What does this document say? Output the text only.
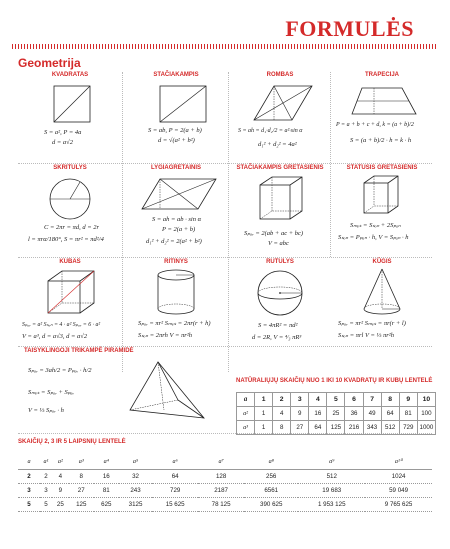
FORMULĖS
Geometrija
KVADRATAS
S = a², P = 4a
d = a√2
STAČIAKAMPIS
S = ab, P = 2(a + b)
d = √(a² + b²)
ROMBAS
S = ah = d₁·d₂/2 = a²·sin α
d₁² + d₂² = 4a²
TRAPECIJA
P = a + b + c + d, k = (a + b)/2
S = (a + b)/2 · h = k · h
SKRITULYS
C = 2πr = πd, d = 2r
l = πrα/180°, S = πr² = πd²/4
LYGIAGRETAINIS
S = ah = ab · sin α
P = 2(a + b)
d₁² + d₂² = 2(a² + b²)
STAČIAKAMPIS GRETASIENIS
Sₚₐᵥ = 2(ab + ac + bc)
V = abc
STATUSIS GRETASIENIS
Sₘₑₛ = Sₛₒₙ + 2Sₚₐₙ
Sₛₒₙ = Pₚₐₙ · h, V = Sₚₐₙ · h
KUBAS
Sₚₐᵥ = a² Sₛₒₙ = 4 · a² Sₚₐᵥ = 6 · a²
V = a³, d = a√3, d = a√2
RITINYS
Sₚₐᵥ = πr² Sₘₑₛ = 2πr(r + h)
Sₛₒₙ = 2πrh V = πr²h
RUTULYS
S = 4πR² = πd²
d = 2R, V = ⁴⁄₃ πR³
KŪGIS
Sₚₐᵥ = πr² Sₘₑₛ = πr(r + l)
Sₛₒₙ = πrl V = ⅓ πr²h
TAISYKLINGOJI TRIKAMPĖ PIRAMIDĖ
Sₚₐᵥ = 3ah/2 = Pₚₐᵥ · h/2
Sₘₑₛ = Sₚₐᵥ + Sₚₐᵥ
V = ⅓ Sₚₐᵥ · h
NATŪRALIŲJŲ SKAIČIŲ NUO 1 IKI 10 KVADRATŲ IR KUBŲ LENTELĖ
a	1	2	3	4	5	6	7	8	9	10
a²	1	4	9	16	25	36	49	64	81	100
a³	1	8	27	64	125	216	343	512	729	1000
SKAIČIŲ 2, 3 IR 5 LAIPSNIŲ LENTELĖ
a	a¹	a²	a³	a⁴	a⁵	a⁶	a⁷	a⁸	a⁹	a¹⁰
2	2	4	8	16	32	64	128	256	512	1024
3	3	9	27	81	243	729	2187	6561	19 683	59 049
5	5	25	125	625	3125	15 625	78 125	390 625	1 953 125	9 765 625
